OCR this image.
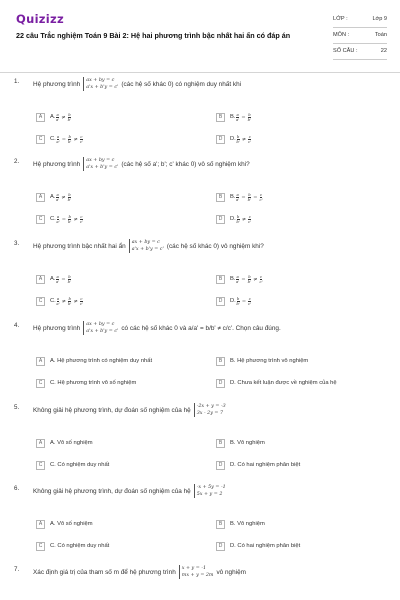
Quizizz
22 câu Trắc nghiệm Toán 9 Bài 2: Hệ hai phương trình bậc nhất hai ẩn có đáp án
LỚP :	Lớp 9
MÔN :	Toán
SỐ CÂU :	22
1. Hệ phương trình ax + by = c
a'x + b'y = c' (các hệ số khác 0) có nghiệm duy nhất khi
A	A. $\frac{a}{a'} \ne \frac{b}{b'}$	B	B. $\frac{a}{a'} = \frac{b}{b'}$
C	C. $\frac{a}{a'} = \frac{b}{b'} \ne \frac{c}{c'}$	D	D. $\frac{b}{b'} \ne \frac{c}{c'}$
2. Hệ phương trình ax + by = c
a'x + b'y = c' (các hệ số a'; b'; c' khác 0) vô số nghiệm khi?
A	A. $\frac{a}{a'} \ne \frac{b}{b'}$	B	B. $\frac{a}{a'} = \frac{b}{b'} = \frac{c}{c'}$
C	C. $\frac{a}{a'} = \frac{b}{b'} \ne \frac{c}{c'}$	D	D. $\frac{b}{b'} \ne \frac{c}{c'}$
3. Hệ phương trình bậc nhất hai ẩn ax + by = c
a'x + b'y = c' (các hệ số khác 0) vô nghiệm khi?
A	A. $\frac{a}{a'} = \frac{b}{b'}$	B	B. $\frac{a}{a'} = \frac{b}{b'} \ne \frac{c}{c'}$
C	C. $\frac{a}{a'} \ne \frac{b}{b'} \ne \frac{c}{c'}$	D	D. $\frac{b}{b'} = \frac{c}{c'}$
4. Hệ phương trình ax + by = c
a'x + b'y = c' có các hệ số khác 0 và a/a' = b/b' ≠ c/c'. Chọn câu đúng.
A	A. Hệ phương trình có nghiệm duy nhất	B	B. Hệ phương trình vô nghiệm
C	C. Hệ phương trình vô số nghiệm	D	D. Chưa kết luận được về nghiệm của hệ
5. Không giải hệ phương trình, dự đoán số nghiệm của hệ -2x + y = -3
3x - 2y = 7
A	A. Vô số nghiệm	B	B. Vô nghiệm
C	C. Có nghiệm duy nhất	D	D. Có hai nghiệm phân biệt
6. Không giải hệ phương trình, dự đoán số nghiệm của hệ -x + 5y = -1
5x + y = 2
A	A. Vô số nghiệm	B	B. Vô nghiệm
C	C. Có nghiệm duy nhất	D	D. Có hai nghiệm phân biệt
7. Xác định giá trị của tham số m để hệ phương trình x + y = -1
mx + y = 2m vô nghiệm
